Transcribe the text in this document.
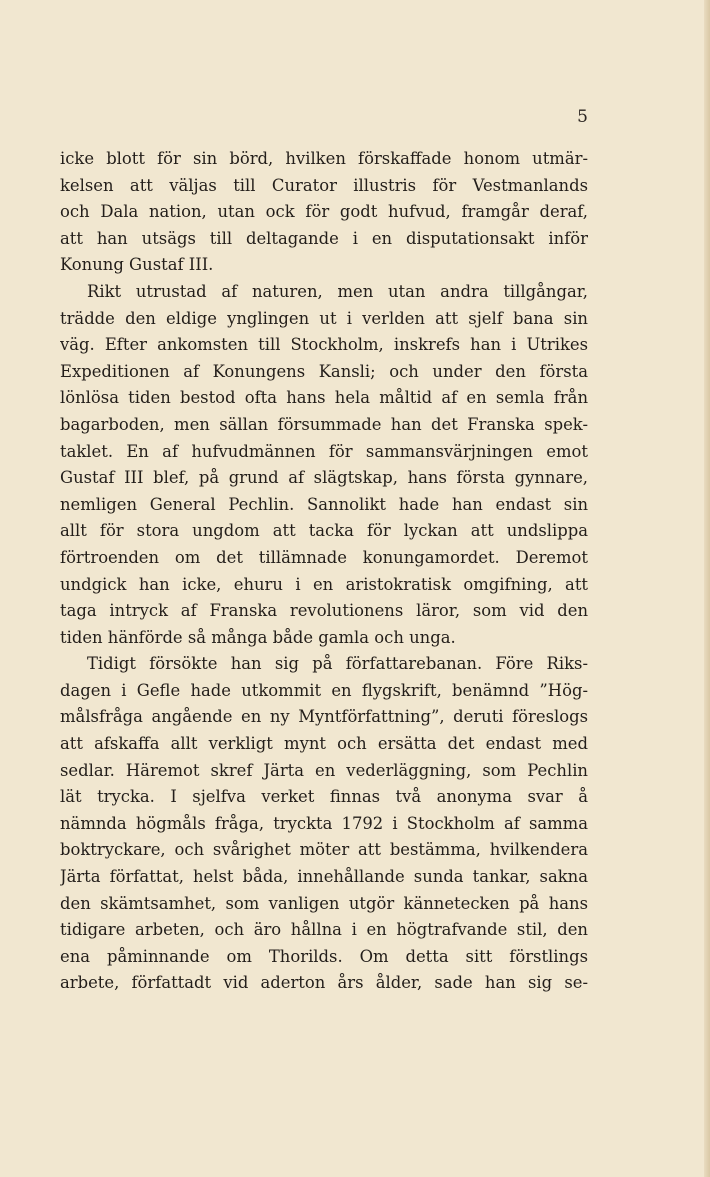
5
icke blott för sin börd, hvilken förskaffade honom utmär-
kelsen att väljas till Curator illustris för Vestmanlands
och Dala nation, utan ock för godt hufvud, framgår deraf,
att han utsägs till deltagande i en disputationsakt inför
Konung Gustaf III.
Rikt utrustad af naturen, men utan andra tillgångar,
trädde den eldige ynglingen ut i verlden att sjelf bana sin
väg. Efter ankomsten till Stockholm, inskrefs han i Utrikes
Expeditionen af Konungens Kansli; och under den första
lönlösa tiden bestod ofta hans hela måltid af en semla från
bagarboden, men sällan försummade han det Franska spek-
taklet. En af hufvudmännen för sammansvärjningen emot
Gustaf III blef, på grund af slägtskap, hans första gynnare,
nemligen General Pechlin. Sannolikt hade han endast sin
allt för stora ungdom att tacka för lyckan att undslippa
förtroenden om det tillämnade konungamordet. Deremot
undgick han icke, ehuru i en aristokratisk omgifning, att
taga intryck af Franska revolutionens läror, som vid den
tiden hänförde så många både gamla och unga.
Tidigt försökte han sig på författarebanan. Före Riks-
dagen i Gefle hade utkommit en flygskrift, benämnd ”Hög-
målsfråga angående en ny Myntförfattning”, deruti föreslogs
att afskaffa allt verkligt mynt och ersätta det endast med
sedlar. Häremot skref Järta en vederläggning, som Pechlin
lät trycka. I sjelfva verket finnas två anonyma svar å
nämnda högmåls fråga, tryckta 1792 i Stockholm af samma
boktryckare, och svårighet möter att bestämma, hvilkendera
Järta författat, helst båda, innehållande sunda tankar, sakna
den skämtsamhet, som vanligen utgör kännetecken på hans
tidigare arbeten, och äro hållna i en högtrafvande stil, den
ena påminnande om Thorilds. Om detta sitt förstlings
arbete, författadt vid aderton års ålder, sade han sig se-
